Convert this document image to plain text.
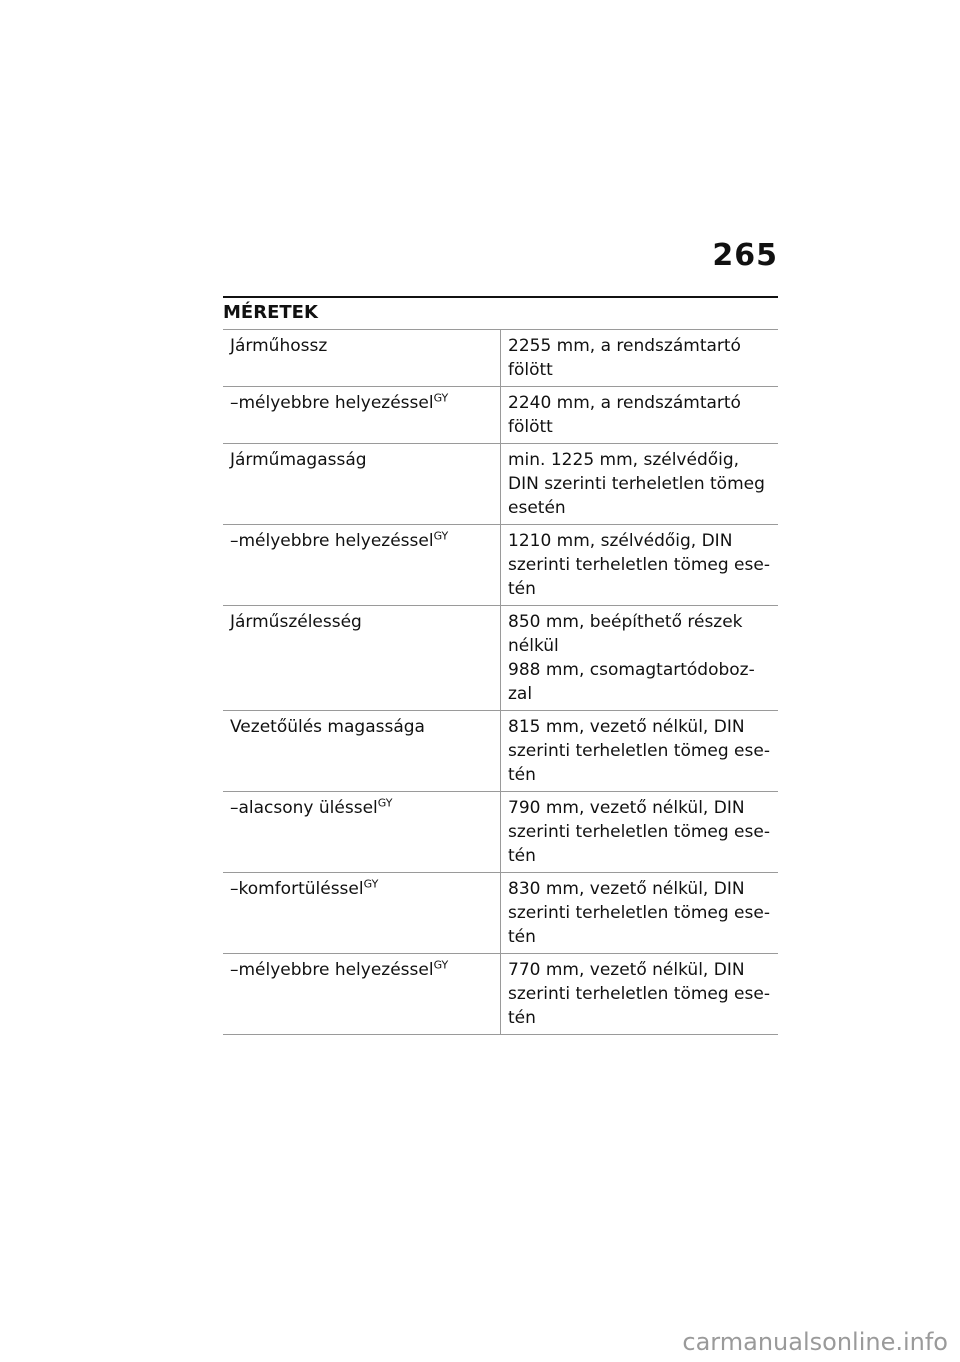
265
MÉRETEK
Járműhossz	2255 mm, a rendszámtartó fölött

–mélyebbre helyezéssel$^{GY}$	2240 mm, a rendszámtartó fölött

Járműmagasság	min. 1225 mm, szélvédőig, DIN szerinti terheletlen tömeg esetén

–mélyebbre helyezéssel$^{GY}$	1210 mm, szélvédőig, DIN szerinti terheletlen tömeg ese-tén

Járműszélesség	850 mm, beépíthető részek nélkül
988 mm, csomagtartódoboz-zal

Vezetőülés magassága	815 mm, vezető nélkül, DIN szerinti terheletlen tömeg ese-tén

–alacsony üléssel$^{GY}$	790 mm, vezető nélkül, DIN szerinti terheletlen tömeg ese-tén

–komfortüléssel$^{GY}$	830 mm, vezető nélkül, DIN szerinti terheletlen tömeg ese-tén

–mélyebbre helyezéssel$^{GY}$	770 mm, vezető nélkül, DIN szerinti terheletlen tömeg ese-tén
carmanualsonline.info
